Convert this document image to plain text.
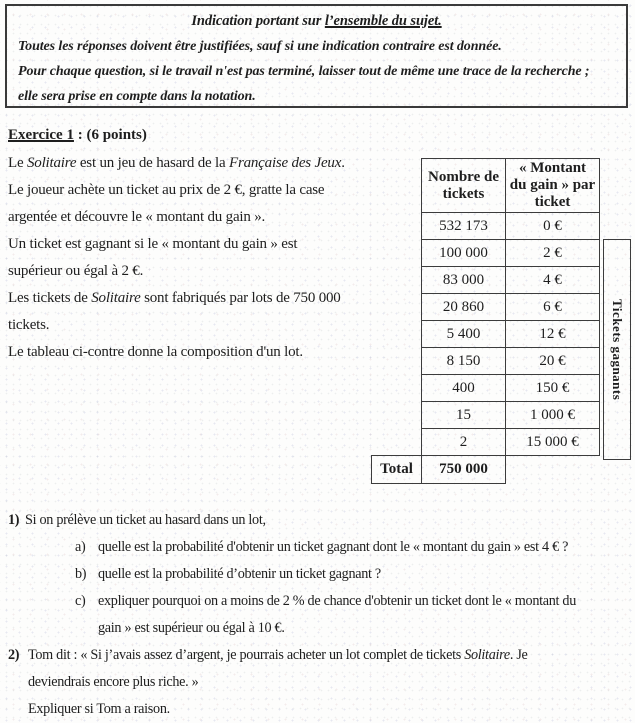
Indication portant sur l’ensemble du sujet.
Toutes les réponses doivent être justifiées, sauf si une indication contraire est donnée.
Pour chaque question, si le travail n'est pas terminé, laisser tout de même une trace de la recherche ;
elle sera prise en compte dans la notation.
Exercice 1 : (6 points)
Le Solitaire est un jeu de hasard de la Française des Jeux.
Le joueur achète un ticket au prix de 2 €, gratte la case
argentée et découvre le « montant du gain ».
Un ticket est gagnant si le « montant du gain » est
supérieur ou égal à 2 €.
Les tickets de Solitaire sont fabriqués par lots de 750 000
tickets.
Le tableau ci-contre donne la composition d'un lot.
Nombre de tickets	« Montant du gain » par ticket
532 173	0 €
100 000	2 €
83 000	4 €
20 860	6 €
5 400	12 €
8 150	20 €
400	150 €
15	1 000 €
2	15 000 €
Total	750 000
Tickets gagnants
1) Si on prélève un ticket au hasard dans un lot,
a) quelle est la probabilité d'obtenir un ticket gagnant dont le « montant du gain » est 4 € ?
b) quelle est la probabilité d’obtenir un ticket gagnant ?
c) expliquer pourquoi on a moins de 2 % de chance d'obtenir un ticket dont le « montant du
gain » est supérieur ou égal à 10 €.
2) Tom dit : « Si j’avais assez d’argent, je pourrais acheter un lot complet de tickets Solitaire. Je
deviendrais encore plus riche. »
Expliquer si Tom a raison.
